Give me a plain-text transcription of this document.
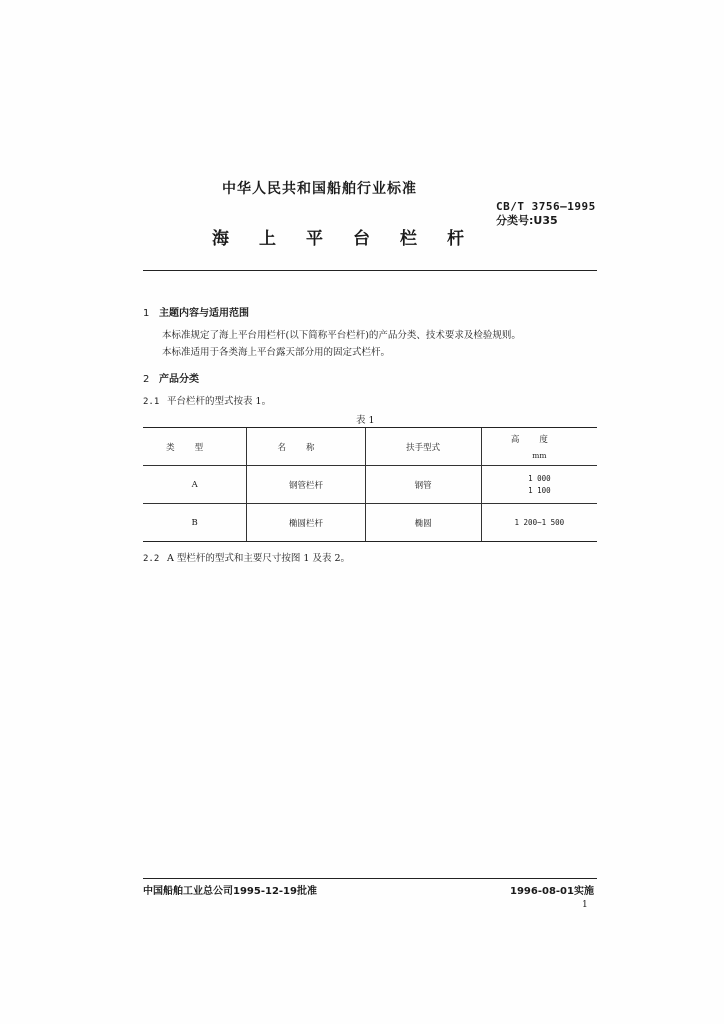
中华人民共和国船舶行业标准
CB/T 3756—1995
分类号:U35
海上平台栏杆
1 主题内容与适用范围
本标准规定了海上平台用栏杆(以下简称平台栏杆)的产品分类、技术要求及检验规则。
本标准适用于各类海上平台露天部分用的固定式栏杆。
2 产品分类
2.1 平台栏杆的型式按表 1。
表 1
类型	名称	扶手型式	高度
mm

A	钢管栏杆	钢管	1 000
1 100

B	椭圆栏杆	椭圆	1 200~1 500
2.2 A 型栏杆的型式和主要尺寸按图 1 及表 2。
中国船舶工业总公司1995-12-19批准	1996-08-01实施
1
